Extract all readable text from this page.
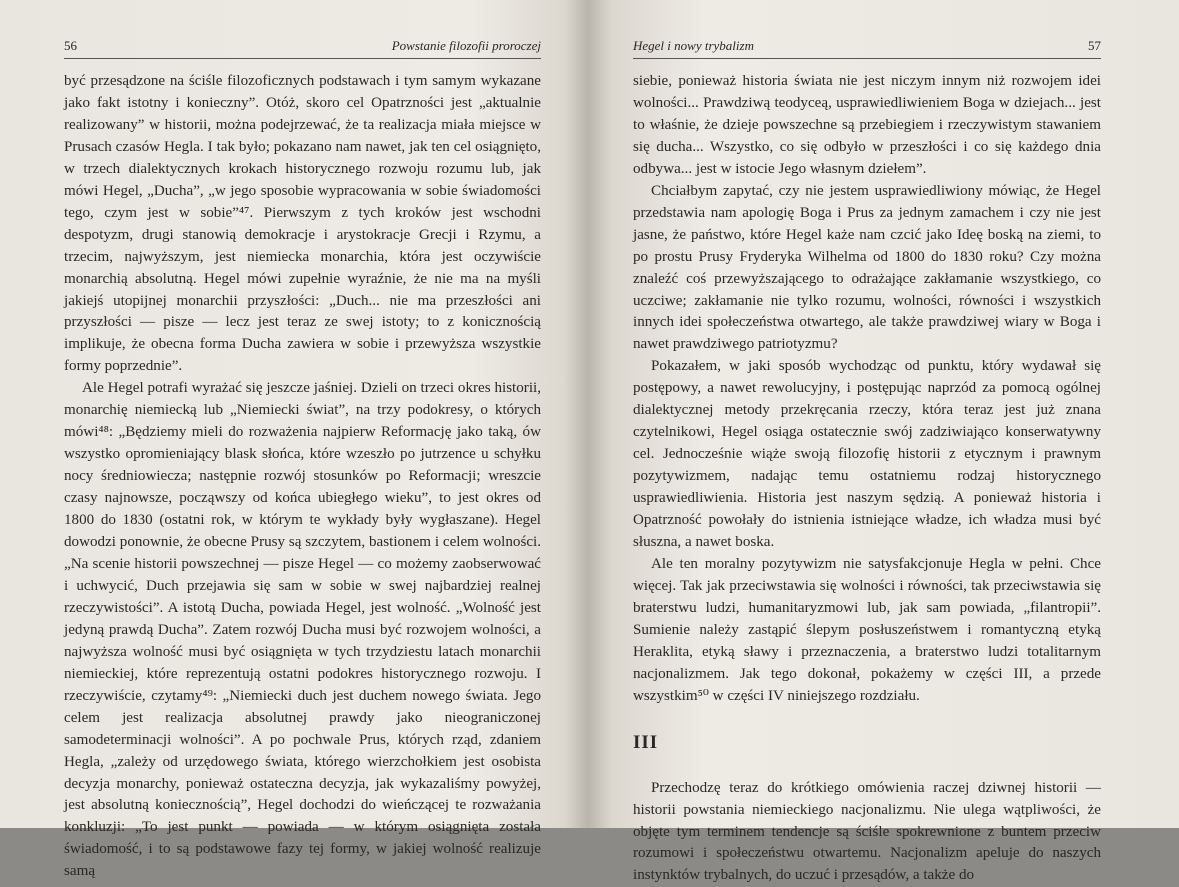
56	Powstanie filozofii proroczej

być przesądzone na ściśle filozoficznych podstawach i tym samym wykazane jako fakt istotny i konieczny”. Otóż, skoro cel Opatrzności jest „aktualnie realizowany” w historii, można podejrzewać, że ta realizacja miała miejsce w Prusach czasów Hegla. I tak było; pokazano nam nawet, jak ten cel osiągnięto, w trzech dialektycznych krokach historycznego rozwoju rozumu lub, jak mówi Hegel, „Ducha”, „w jego sposobie wypracowania w sobie świadomości tego, czym jest w sobie”⁴⁷. Pierwszym z tych kroków jest wschodni despotyzm, drugi stanowią demokracje i arystokracje Grecji i Rzymu, a trzecim, najwyższym, jest niemiecka monarchia, która jest oczywiście monarchią absolutną. Hegel mówi zupełnie wyraźnie, że nie ma na myśli jakiejś utopijnej monarchii przyszłości: „Duch... nie ma przeszłości ani przyszłości — pisze — lecz jest teraz ze swej istoty; to z konicznością implikuje, że obecna forma Ducha zawiera w sobie i przewyższa wszystkie formy poprzednie”.

Ale Hegel potrafi wyrażać się jeszcze jaśniej. Dzieli on trzeci okres historii, monarchię niemiecką lub „Niemiecki świat”, na trzy podokresy, o których mówi⁴⁸: „Będziemy mieli do rozważenia najpierw Reformację jako taką, ów wszystko opromieniający blask słońca, które wzeszło po jutrzence u schyłku nocy średniowiecza; następnie rozwój stosunków po Reformacji; wreszcie czasy najnowsze, począwszy od końca ubiegłego wieku”, to jest okres od 1800 do 1830 (ostatni rok, w którym te wykłady były wygłaszane). Hegel dowodzi ponownie, że obecne Prusy są szczytem, bastionem i celem wolności. „Na scenie historii powszechnej — pisze Hegel — co możemy zaobserwować i uchwycić, Duch przejawia się sam w sobie w swej najbardziej realnej rzeczywistości”. A istotą Ducha, powiada Hegel, jest wolność. „Wolność jest jedyną prawdą Ducha”. Zatem rozwój Ducha musi być rozwojem wolności, a najwyższa wolność musi być osiągnięta w tych trzydziestu latach monarchii niemieckiej, które reprezentują ostatni podokres historycznego rozwoju. I rzeczywiście, czytamy⁴⁹: „Niemiecki duch jest duchem nowego świata. Jego celem jest realizacja absolutnej prawdy jako nieograniczonej samodeterminacji wolności”. A po pochwale Prus, których rząd, zdaniem Hegla, „zależy od urzędowego świata, którego wierzchołkiem jest osobista decyzja monarchy, ponieważ ostateczna decyzja, jak wykazaliśmy powyżej, jest absolutną koniecznością”, Hegel dochodzi do wieńczącej te rozważania konkluzji: „To jest punkt — powiada — w którym osiągnięta została świadomość, i to są podstawowe fazy tej formy, w jakiej wolność realizuje samą

Hegel i nowy trybalizm	57

siebie, ponieważ historia świata nie jest niczym innym niż rozwojem idei wolności... Prawdziwą teodyceą, usprawiedliwieniem Boga w dziejach... jest to właśnie, że dzieje powszechne są przebiegiem i rzeczywistym stawaniem się ducha... Wszystko, co się odbyło w przeszłości i co się każdego dnia odbywa... jest w istocie Jego własnym dziełem”.

Chciałbym zapytać, czy nie jestem usprawiedliwiony mówiąc, że Hegel przedstawia nam apologię Boga i Prus za jednym zamachem i czy nie jest jasne, że państwo, które Hegel każe nam czcić jako Ideę boską na ziemi, to po prostu Prusy Fryderyka Wilhelma od 1800 do 1830 roku? Czy można znaleźć coś przewyższającego to odrażające zakłamanie wszystkiego, co uczciwe; zakłamanie nie tylko rozumu, wolności, równości i wszystkich innych idei społeczeństwa otwartego, ale także prawdziwej wiary w Boga i nawet prawdziwego patriotyzmu?

Pokazałem, w jaki sposób wychodząc od punktu, który wydawał się postępowy, a nawet rewolucyjny, i postępując naprzód za pomocą ogólnej dialektycznej metody przekręcania rzeczy, która teraz jest już znana czytelnikowi, Hegel osiąga ostatecznie swój zadziwiająco konserwatywny cel. Jednocześnie wiąże swoją filozofię historii z etycznym i prawnym pozytywizmem, nadając temu ostatniemu rodzaj historycznego usprawiedliwienia. Historia jest naszym sędzią. A ponieważ historia i Opatrzność powołały do istnienia istniejące władze, ich władza musi być słuszna, a nawet boska.

Ale ten moralny pozytywizm nie satysfakcjonuje Hegla w pełni. Chce więcej. Tak jak przeciwstawia się wolności i równości, tak przeciwstawia się braterstwu ludzi, humanitaryzmowi lub, jak sam powiada, „filantropii”. Sumienie należy zastąpić ślepym posłuszeństwem i romantyczną etyką Heraklita, etyką sławy i przeznaczenia, a braterstwo ludzi totalitarnym nacjonalizmem. Jak tego dokonał, pokażemy w części III, a przede wszystkim⁵⁰ w części IV niniejszego rozdziału.

III

Przechodzę teraz do krótkiego omówienia raczej dziwnej historii — historii powstania niemieckiego nacjonalizmu. Nie ulega wątpliwości, że objęte tym terminem tendencje są ściśle spokrewnione z buntem przeciw rozumowi i społeczeństwu otwartemu. Nacjonalizm apeluje do naszych instynktów trybalnych, do uczuć i przesądów, a także do
